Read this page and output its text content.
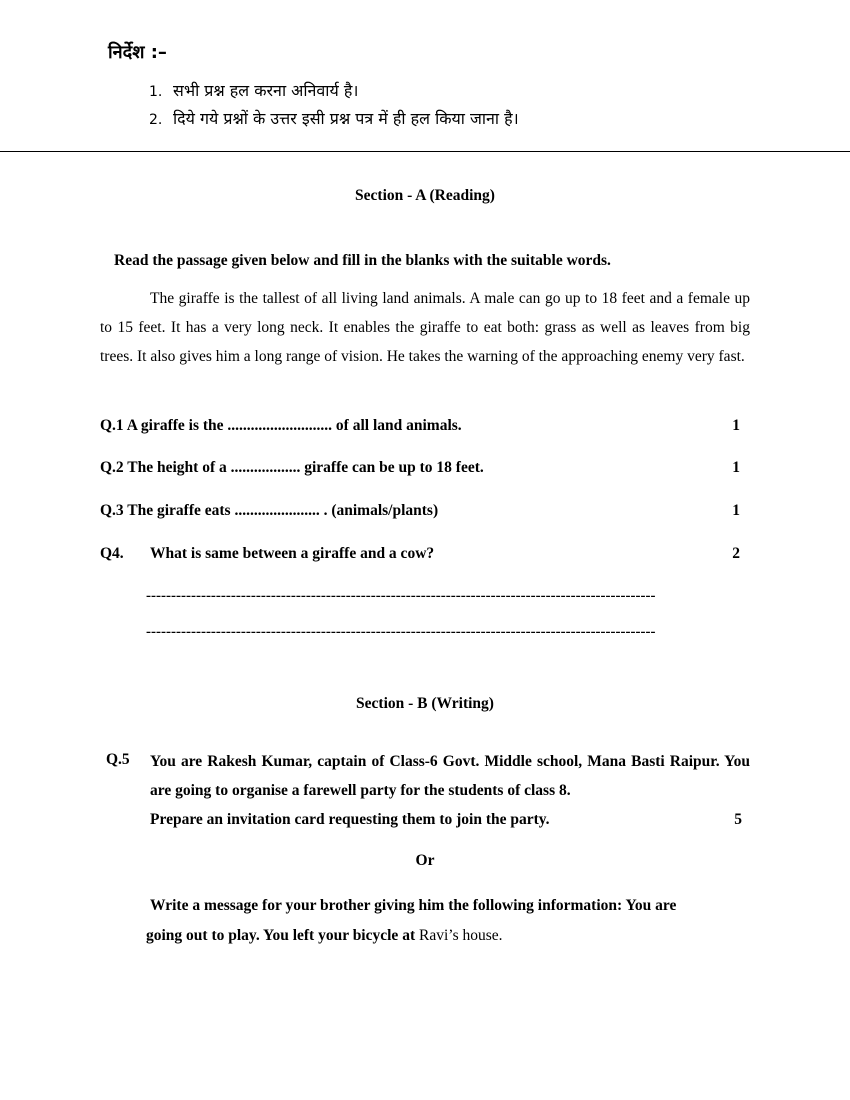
निर्देश :–
1. सभी प्रश्न हल करना अनिवार्य है।
2. दिये गये प्रश्नों के उत्तर इसी प्रश्न पत्र में ही हल किया जाना है।
Section - A (Reading)
Read the passage given below and fill in the blanks with the suitable words.

The giraffe is the tallest of all living land animals. A male can go up to 18 feet and a female up to 15 feet. It has a very long neck. It enables the giraffe to eat both: grass as well as leaves from big trees. It also gives him a long range of vision. He takes the warning of the approaching enemy very fast.

Q.1 A giraffe is the ........................... of all land animals.	1
Q.2 The height of a .................. giraffe can be up to 18 feet.	1
Q.3 The giraffe eats ...................... . (animals/plants)	1
Q4. What is same between a giraffe and a cow?	2
------------------------------------------------------------------------------------------------------
------------------------------------------------------------------------------------------------------
Section - B (Writing)
Q.5 You are Rakesh Kumar, captain of Class-6 Govt. Middle school, Mana Basti Raipur. You are going to organise a farewell party for the students of class 8.
Prepare an invitation card requesting them to join the party.	5
Or
Write a message for your brother giving him the following information: You are
going out to play. You left your bicycle at Ravi’s house.
